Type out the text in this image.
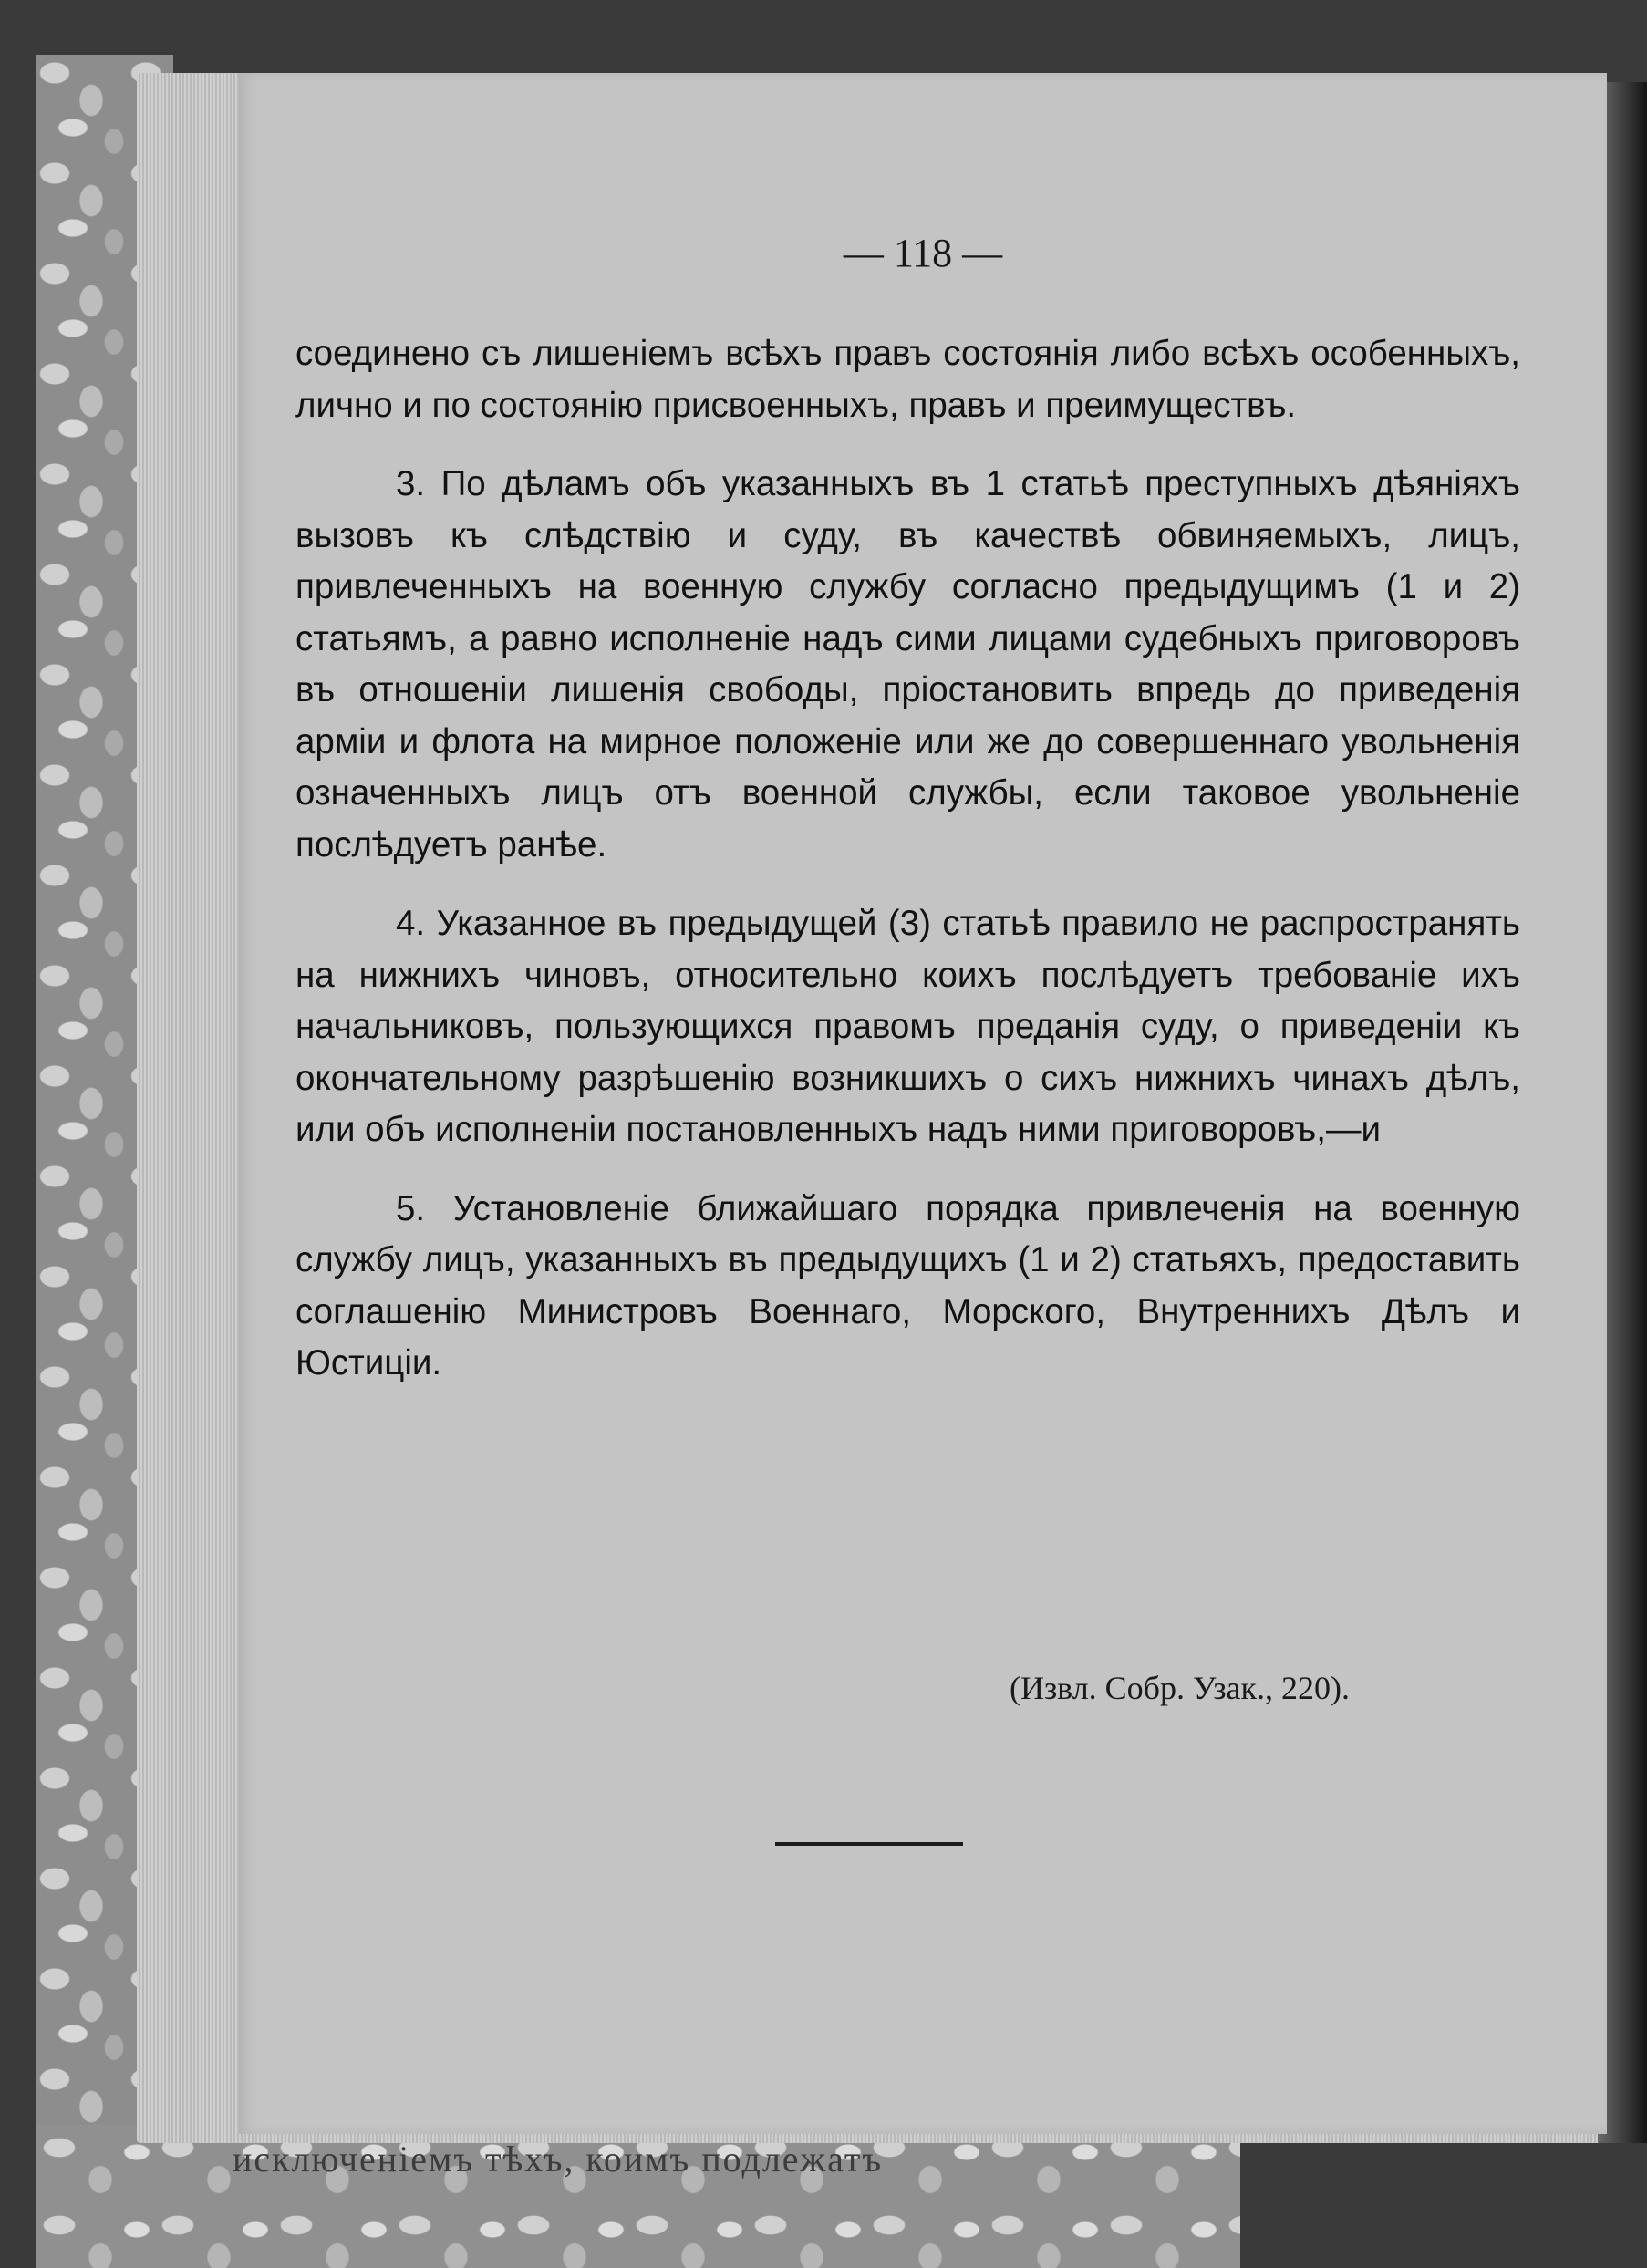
— 118 —

соединено съ лишеніемъ всѣхъ правъ состоянія либо всѣхъ особенныхъ, лично и по состоянію присвоенныхъ, правъ и преимуществъ.

3. По дѣламъ объ указанныхъ въ 1 статьѣ преступныхъ дѣяніяхъ вызовъ къ слѣдствію и суду, въ качествѣ обвиняемыхъ, лицъ, привлеченныхъ на военную службу согласно предыдущимъ (1 и 2) статьямъ, а равно исполненіе надъ сими лицами судебныхъ приговоровъ въ отношеніи лишенія свободы, пріостановить впредь до приведенія арміи и флота на мирное положеніе или же до совершеннаго увольненія означенныхъ лицъ отъ военной службы, если таковое увольненіе послѣдуетъ ранѣе.

4. Указанное въ предыдущей (3) статьѣ правило не распространять на нижнихъ чиновъ, относительно коихъ послѣдуетъ требованіе ихъ начальниковъ, пользующихся правомъ преданія суду, о приведеніи къ окончательному разрѣшенію возникшихъ о сихъ нижнихъ чинахъ дѣлъ, или объ исполненіи постановленныхъ надъ ними приговоровъ,—и

5. Установленіе ближайшаго порядка привлеченія на военную службу лицъ, указанныхъ въ предыдущихъ (1 и 2) статьяхъ, предоставить соглашенію Министровъ Военнаго, Морского, Внутреннихъ Дѣлъ и Юстиціи.

(Извл. Собр. Узак., 220).
